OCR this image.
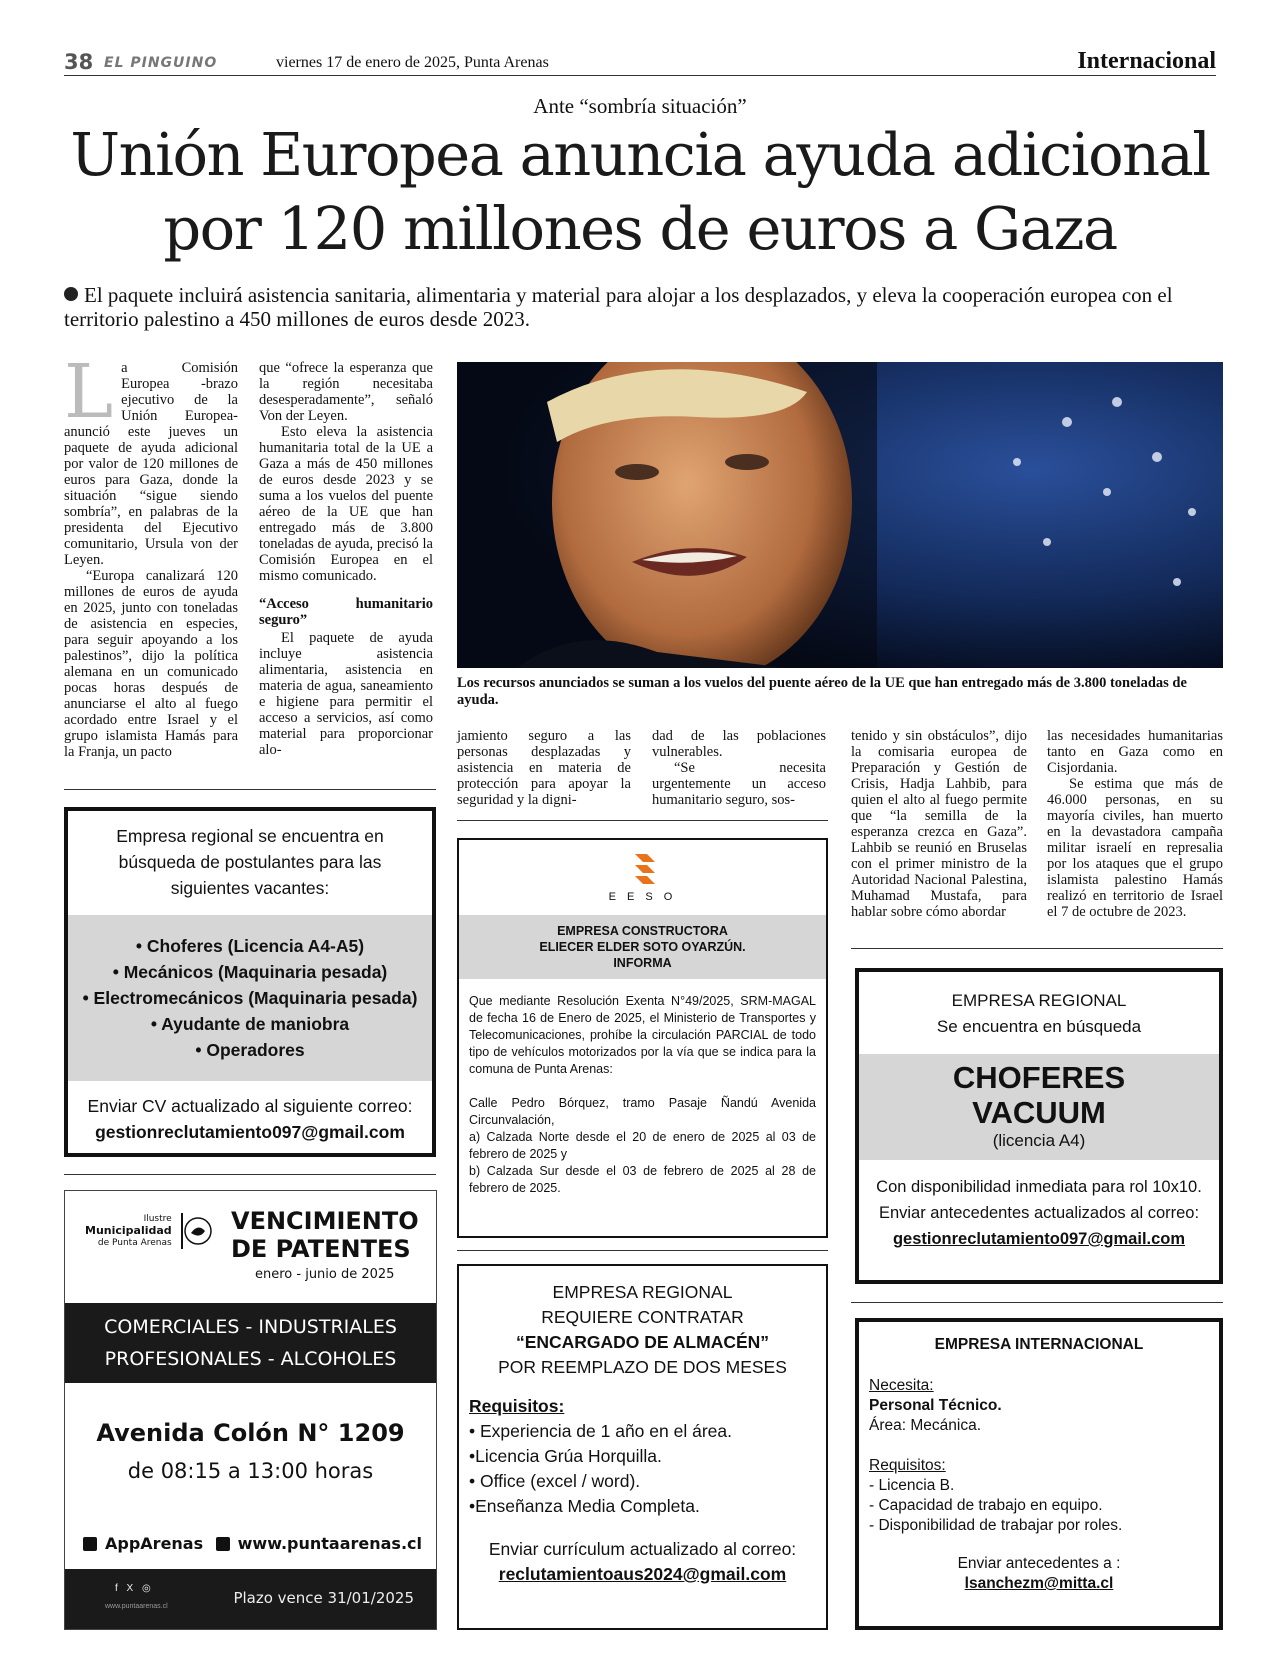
38 EL PINGUINO	viernes 17 de enero de 2025, Punta Arenas	Internacional
Ante “sombría situación”
Unión Europea anuncia ayuda adicional
por 120 millones de euros a Gaza
El paquete incluirá asistencia sanitaria, alimentaria y material para alojar a los desplazados, y eleva la cooperación europea con el territorio palestino a 450 millones de euros desde 2023.

La Comisión Europea -brazo ejecutivo de la Unión Europea- anunció este jueves un paquete de ayuda adicional por valor de 120 millones de euros para Gaza, donde la situación “sigue siendo sombría”, en palabras de la presidenta del Ejecutivo comunitario, Ursula von der Leyen.

“Europa canalizará 120 millones de euros de ayuda en 2025, junto con toneladas de asistencia en especies, para seguir apoyando a los palestinos”, dijo la política alemana en un comunicado pocas horas después de anunciarse el alto al fuego acordado entre Israel y el grupo islamista Hamás para la Franja, un pacto

que “ofrece la esperanza que la región necesitaba desesperadamente”, señaló Von der Leyen.

Esto eleva la asistencia humanitaria total de la UE a Gaza a más de 450 millones de euros desde 2023 y se suma a los vuelos del puente aéreo de la UE que han entregado más de 3.800 toneladas de ayuda, precisó la Comisión Europea en el mismo comunicado.

“Acceso humanitario seguro”

El paquete de ayuda incluye asistencia alimentaria, asistencia en materia de agua, saneamiento e higiene para permitir el acceso a servicios, así como material para proporcionar alo-

Los recursos anunciados se suman a los vuelos del puente aéreo de la UE que han entregado más de 3.800 toneladas de ayuda.

jamiento seguro a las personas desplazadas y asistencia en materia de protección para apoyar la seguridad y la digni-

dad de las poblaciones vulnerables.

“Se necesita urgentemente un acceso humanitario seguro, sos-

tenido y sin obstáculos”, dijo la comisaria europea de Preparación y Gestión de Crisis, Hadja Lahbib, para quien el alto al fuego permite que “la semilla de la esperanza crezca en Gaza”. Lahbib se reunió en Bruselas con el primer ministro de la Autoridad Nacional Palestina, Muhamad Mustafa, para hablar sobre cómo abordar

las necesidades humanitarias tanto en Gaza como en Cisjordania.

Se estima que más de 46.000 personas, en su mayoría civiles, han muerto en la devastadora campaña militar israelí en represalia por los ataques que el grupo islamista palestino Hamás realizó en territorio de Israel el 7 de octubre de 2023.

Empresa regional se encuentra en búsqueda de postulantes para las siguientes vacantes:
• Choferes (Licencia A4-A5)
• Mecánicos (Maquinaria pesada)
• Electromecánicos (Maquinaria pesada)
• Ayudante de maniobra
• Operadores
Enviar CV actualizado al siguiente correo:
gestionreclutamiento097@gmail.com
E E S O
EMPRESA CONSTRUCTORA
ELIECER ELDER SOTO OYARZÚN.
INFORMA

Que mediante Resolución Exenta N°49/2025, SRM-MAGAL de fecha 16 de Enero de 2025, el Ministerio de Transportes y Telecomunicaciones, prohíbe la circulación PARCIAL de todo tipo de vehículos motorizados por la vía que se indica para la comuna de Punta Arenas:

Calle Pedro Bórquez, tramo Pasaje Ñandú Avenida Circunvalación,

a) Calzada Norte desde el 20 de enero de 2025 al 03 de febrero de 2025 y

b) Calzada Sur desde el 03 de febrero de 2025 al 28 de febrero de 2025.

EMPRESA REGIONAL
Se encuentra en búsqueda
CHOFERES
VACUUM
(licencia A4)
Con disponibilidad inmediata para rol 10x10.
Enviar antecedentes actualizados al correo:
gestionreclutamiento097@gmail.com
Ilustre
Municipalidad
de Punta Arenas
VENCIMIENTO
DE PATENTES
enero - junio de 2025
COMERCIALES - INDUSTRIALES
PROFESIONALES - ALCOHOLES
Avenida Colón N° 1209
de 08:15 a 13:00 horas
AppArenas	www.puntaarenas.cl
f X ◎
www.puntaarenas.cl	Plazo vence 31/01/2025
EMPRESA REGIONAL
REQUIERE CONTRATAR
“ENCARGADO DE ALMACÉN”
POR REEMPLAZO DE DOS MESES
Requisitos:
• Experiencia de 1 año en el área.
•Licencia Grúa Horquilla.
• Office (excel / word).
•Enseñanza Media Completa.
Enviar currículum actualizado al correo:
reclutamientoaus2024@gmail.com
EMPRESA INTERNACIONAL
Necesita:
Personal Técnico.
Área: Mecánica.
Requisitos:
- Licencia B.
- Capacidad de trabajo en equipo.
- Disponibilidad de trabajar por roles.
Enviar antecedentes a :
lsanchezm@mitta.cl
